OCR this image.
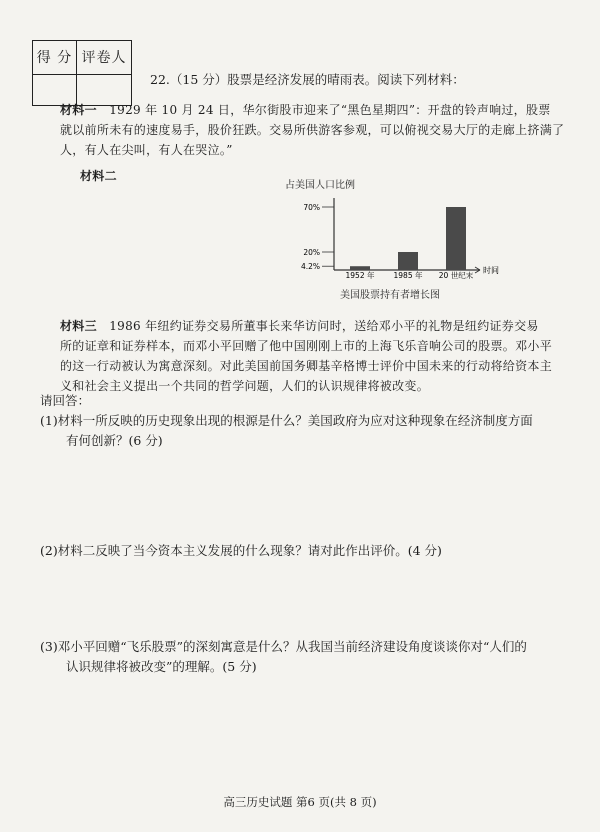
得 分 评卷人
22.（15 分）股票是经济发展的晴雨表。阅读下列材料：
材料一 1929 年 10 月 24 日，华尔街股市迎来了“黑色星期四”：开盘的铃声响过，股票
就以前所未有的速度易手，股价狂跌。交易所供游客参观，可以俯视交易大厅的走廊上挤满了
人，有人在尖叫，有人在哭泣。”
材料二
占美国人口比例
4.2%
20%
70%
1952 年	1985 年 20 世纪末
时间
美国股票持有者增长图
材料三 1986 年纽约证券交易所董事长来华访问时，送给邓小平的礼物是纽约证券交易
所的证章和证券样本，而邓小平回赠了他中国刚刚上市的上海飞乐音响公司的股票。邓小平
的这一行动被认为寓意深刻。对此美国前国务卿基辛格博士评价中国未来的行动将给资本主
义和社会主义提出一个共同的哲学问题，人们的认识规律将被改变。
请回答：
(1)材料一所反映的历史现象出现的根源是什么？美国政府为应对这种现象在经济制度方面
有何创新？(6 分)
(2)材料二反映了当今资本主义发展的什么现象？请对此作出评价。(4 分)
(3)邓小平回赠“飞乐股票”的深刻寓意是什么？从我国当前经济建设角度谈谈你对“人们的
认识规律将被改变”的理解。(5 分)
高三历史试题 第6 页(共 8 页)
